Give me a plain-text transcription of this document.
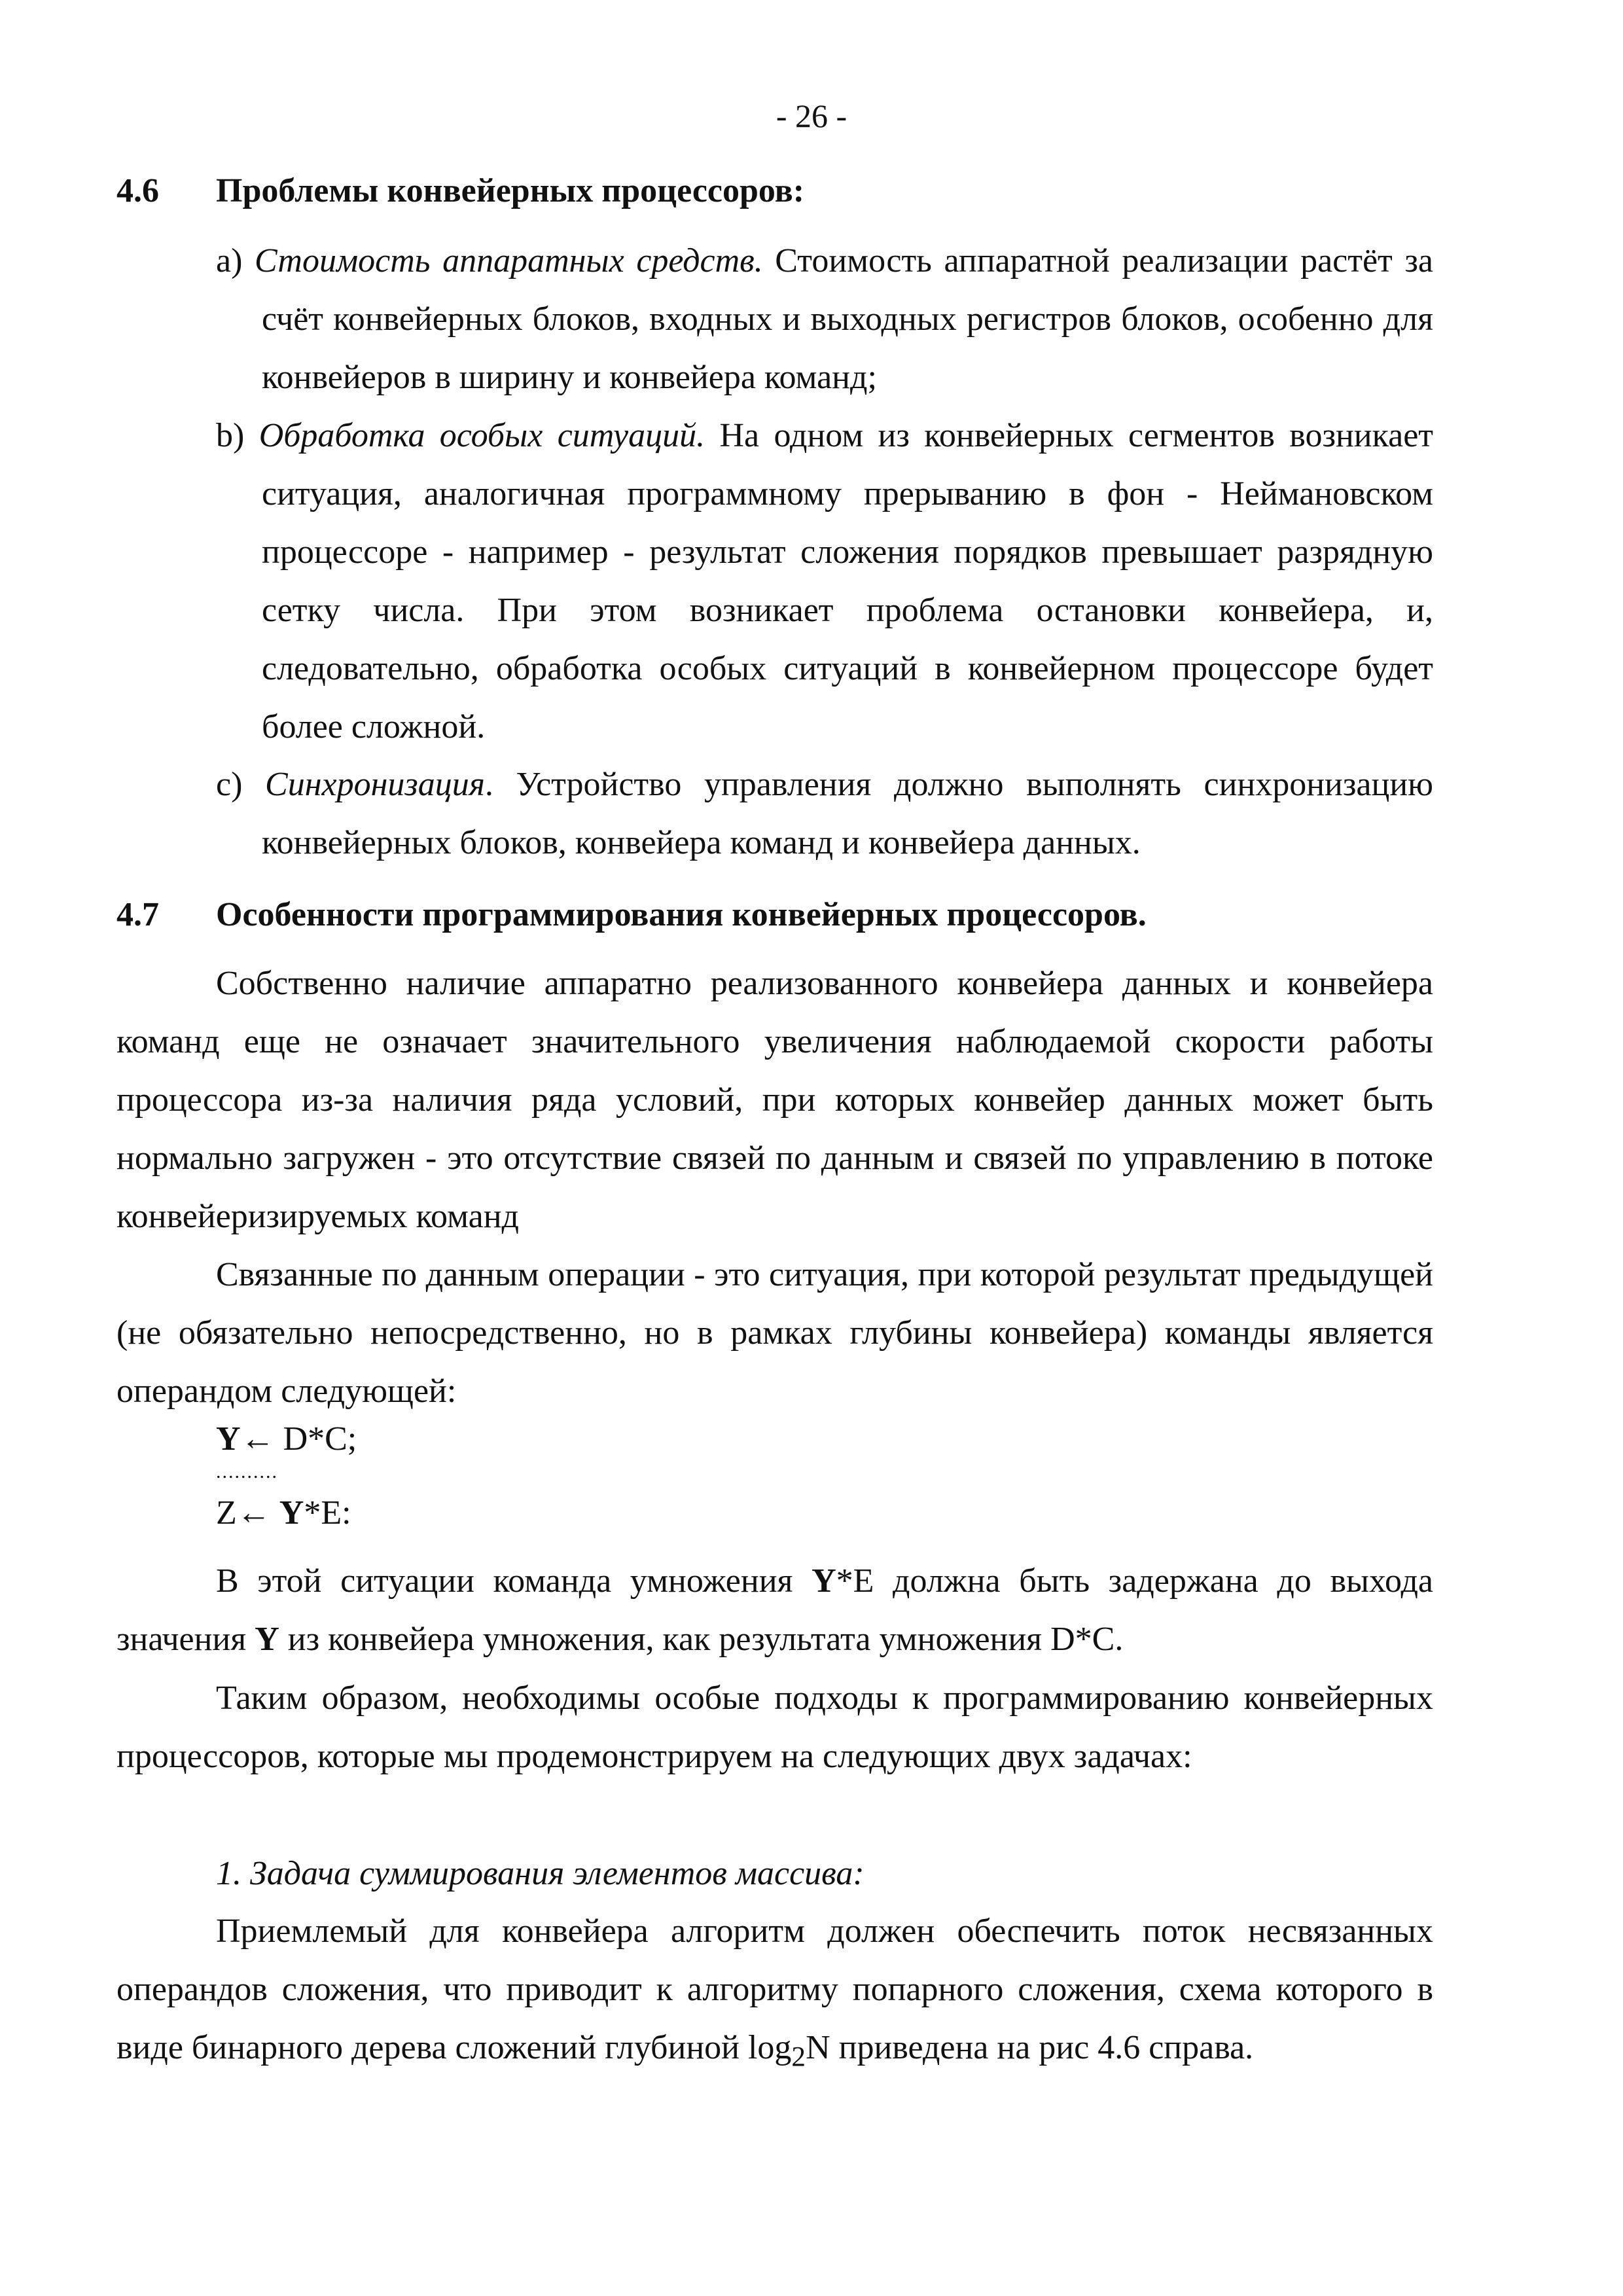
- 26 -
4.6 Проблемы конвейерных процессоров:
a) Стоимость аппаратных средств. Стоимость аппаратной реализации растёт за счёт конвейерных блоков, входных и выходных регистров блоков, особенно для конвейеров в ширину и конвейера команд;
b) Обработка особых ситуаций. На одном из конвейерных сегментов возникает ситуация, аналогичная программному прерыванию в фон - Неймановском процессоре - например - результат сложения порядков превышает разрядную сетку числа. При этом возникает проблема остановки конвейера, и, следовательно, обработка особых ситуаций в конвейерном процессоре будет более сложной.
c) Синхронизация. Устройство управления должно выполнять синхронизацию конвейерных блоков, конвейера команд и конвейера данных.
4.7 Особенности программирования конвейерных процессоров.
Собственно наличие аппаратно реализованного конвейера данных и конвейера команд еще не означает значительного увеличения наблюдаемой скорости работы процессора из-за наличия ряда условий, при которых конвейер данных может быть нормально загружен - это отсутствие связей по данным и связей по управлению в потоке конвейеризируемых команд
Связанные по данным операции - это ситуация, при которой результат предыдущей (не обязательно непосредственно, но в рамках глубины конвейера) команды является операндом следующей:
Y← D*C;
..........
Z← Y*E:
В этой ситуации команда умножения Y*E должна быть задержана до выхода значения Y из конвейера умножения, как результата умножения D*C.
Таким образом, необходимы особые подходы к программированию конвейерных процессоров, которые мы продемонстрируем на следующих двух задачах:
1. Задача суммирования элементов массива:
Приемлемый для конвейера алгоритм должен обеспечить поток несвязанных операндов сложения, что приводит к алгоритму попарного сложения, схема которого в виде бинарного дерева сложений глубиной $\log_2N$ приведена на рис 4.6 справа.
